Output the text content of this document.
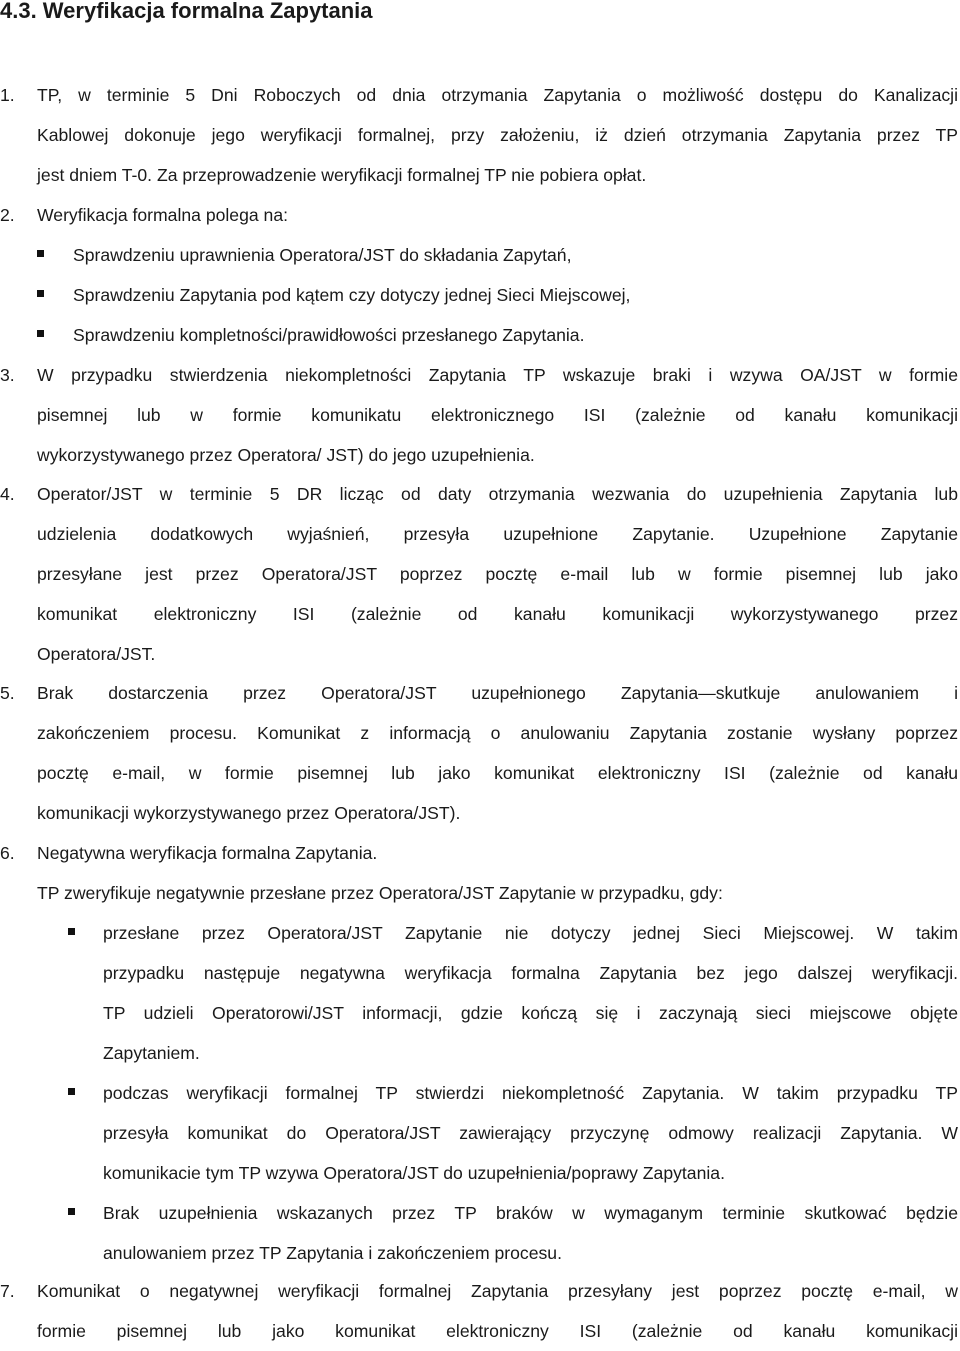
4.3. Weryfikacja formalna Zapytania
1. TP, w terminie 5 Dni Roboczych od dnia otrzymania Zapytania o możliwość dostępu do Kanalizacji
Kablowej dokonuje jego weryfikacji formalnej, przy założeniu, iż dzień otrzymania Zapytania przez TP
jest dniem T-0. Za przeprowadzenie weryfikacji formalnej TP nie pobiera opłat.
2. Weryfikacja formalna polega na:
Sprawdzeniu uprawnienia Operatora/JST do składania Zapytań,
Sprawdzeniu Zapytania pod kątem czy dotyczy jednej Sieci Miejscowej,
Sprawdzeniu kompletności/prawidłowości przesłanego Zapytania.
3. W przypadku stwierdzenia niekompletności Zapytania TP wskazuje braki i wzywa OA/JST w formie
pisemnej lub w formie komunikatu elektronicznego ISI (zależnie od kanału komunikacji
wykorzystywanego przez Operatora/ JST) do jego uzupełnienia.
4. Operator/JST w terminie 5 DR licząc od daty otrzymania wezwania do uzupełnienia Zapytania lub
udzielenia dodatkowych wyjaśnień, przesyła uzupełnione Zapytanie. Uzupełnione Zapytanie
przesyłane jest przez Operatora/JST poprzez pocztę e-mail lub w formie pisemnej lub jako
komunikat elektroniczny ISI (zależnie od kanału komunikacji wykorzystywanego przez
Operatora/JST.
5. Brak dostarczenia przez Operatora/JST uzupełnionego Zapytania—skutkuje anulowaniem i
zakończeniem procesu. Komunikat z informacją o anulowaniu Zapytania zostanie wysłany poprzez
pocztę e-mail, w formie pisemnej lub jako komunikat elektroniczny ISI (zależnie od kanału
komunikacji wykorzystywanego przez Operatora/JST).
6. Negatywna weryfikacja formalna Zapytania.
TP zweryfikuje negatywnie przesłane przez Operatora/JST Zapytanie w przypadku, gdy:
przesłane przez Operatora/JST Zapytanie nie dotyczy jednej Sieci Miejscowej. W takim
przypadku następuje negatywna weryfikacja formalna Zapytania bez jego dalszej weryfikacji.
TP udzieli Operatorowi/JST informacji, gdzie kończą się i zaczynają sieci miejscowe objęte
Zapytaniem.
podczas weryfikacji formalnej TP stwierdzi niekompletność Zapytania. W takim przypadku TP
przesyła komunikat do Operatora/JST zawierający przyczynę odmowy realizacji Zapytania. W
komunikacie tym TP wzywa Operatora/JST do uzupełnienia/poprawy Zapytania.
Brak uzupełnienia wskazanych przez TP braków w wymaganym terminie skutkować będzie
anulowaniem przez TP Zapytania i zakończeniem procesu.
7. Komunikat o negatywnej weryfikacji formalnej Zapytania przesyłany jest poprzez pocztę e-mail, w
formie pisemnej lub jako komunikat elektroniczny ISI (zależnie od kanału komunikacji
